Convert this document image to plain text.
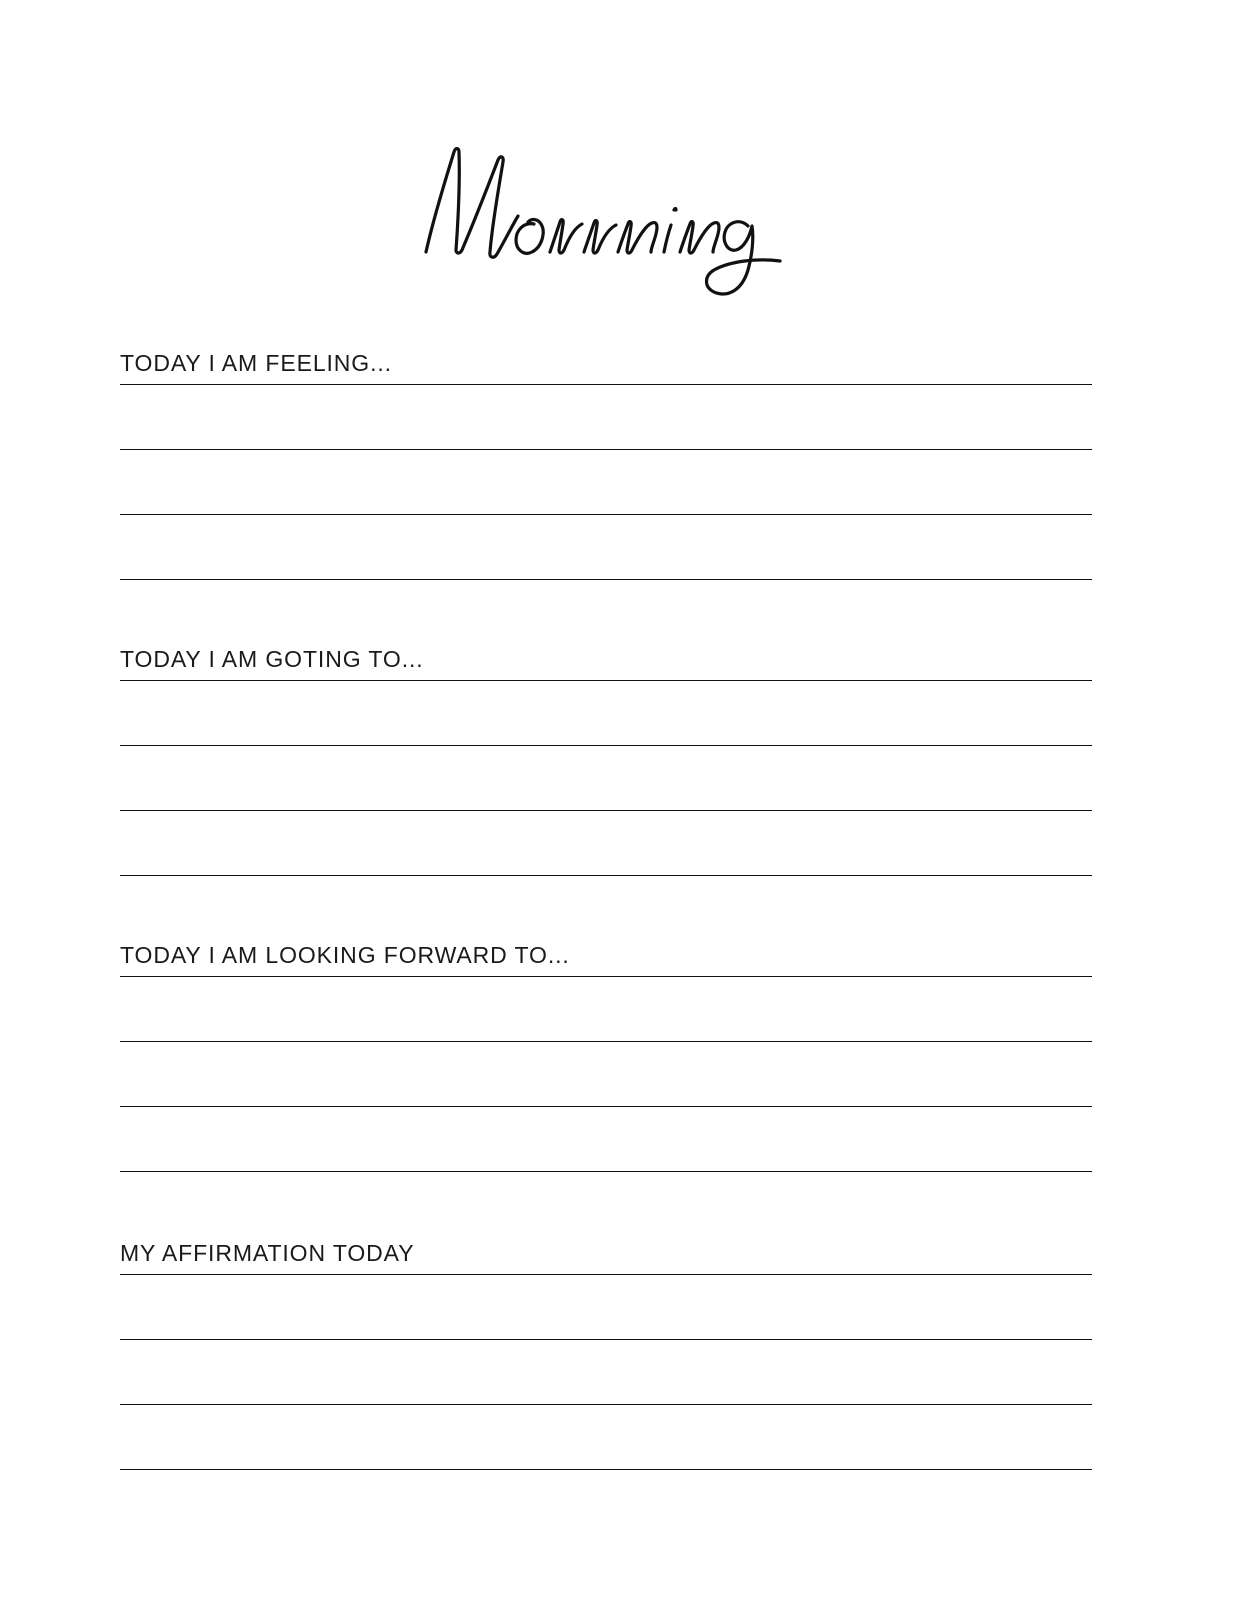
TODAY I AM FEELING...
TODAY I AM GOTING TO...
TODAY I AM LOOKING FORWARD TO...
MY AFFIRMATION TODAY
